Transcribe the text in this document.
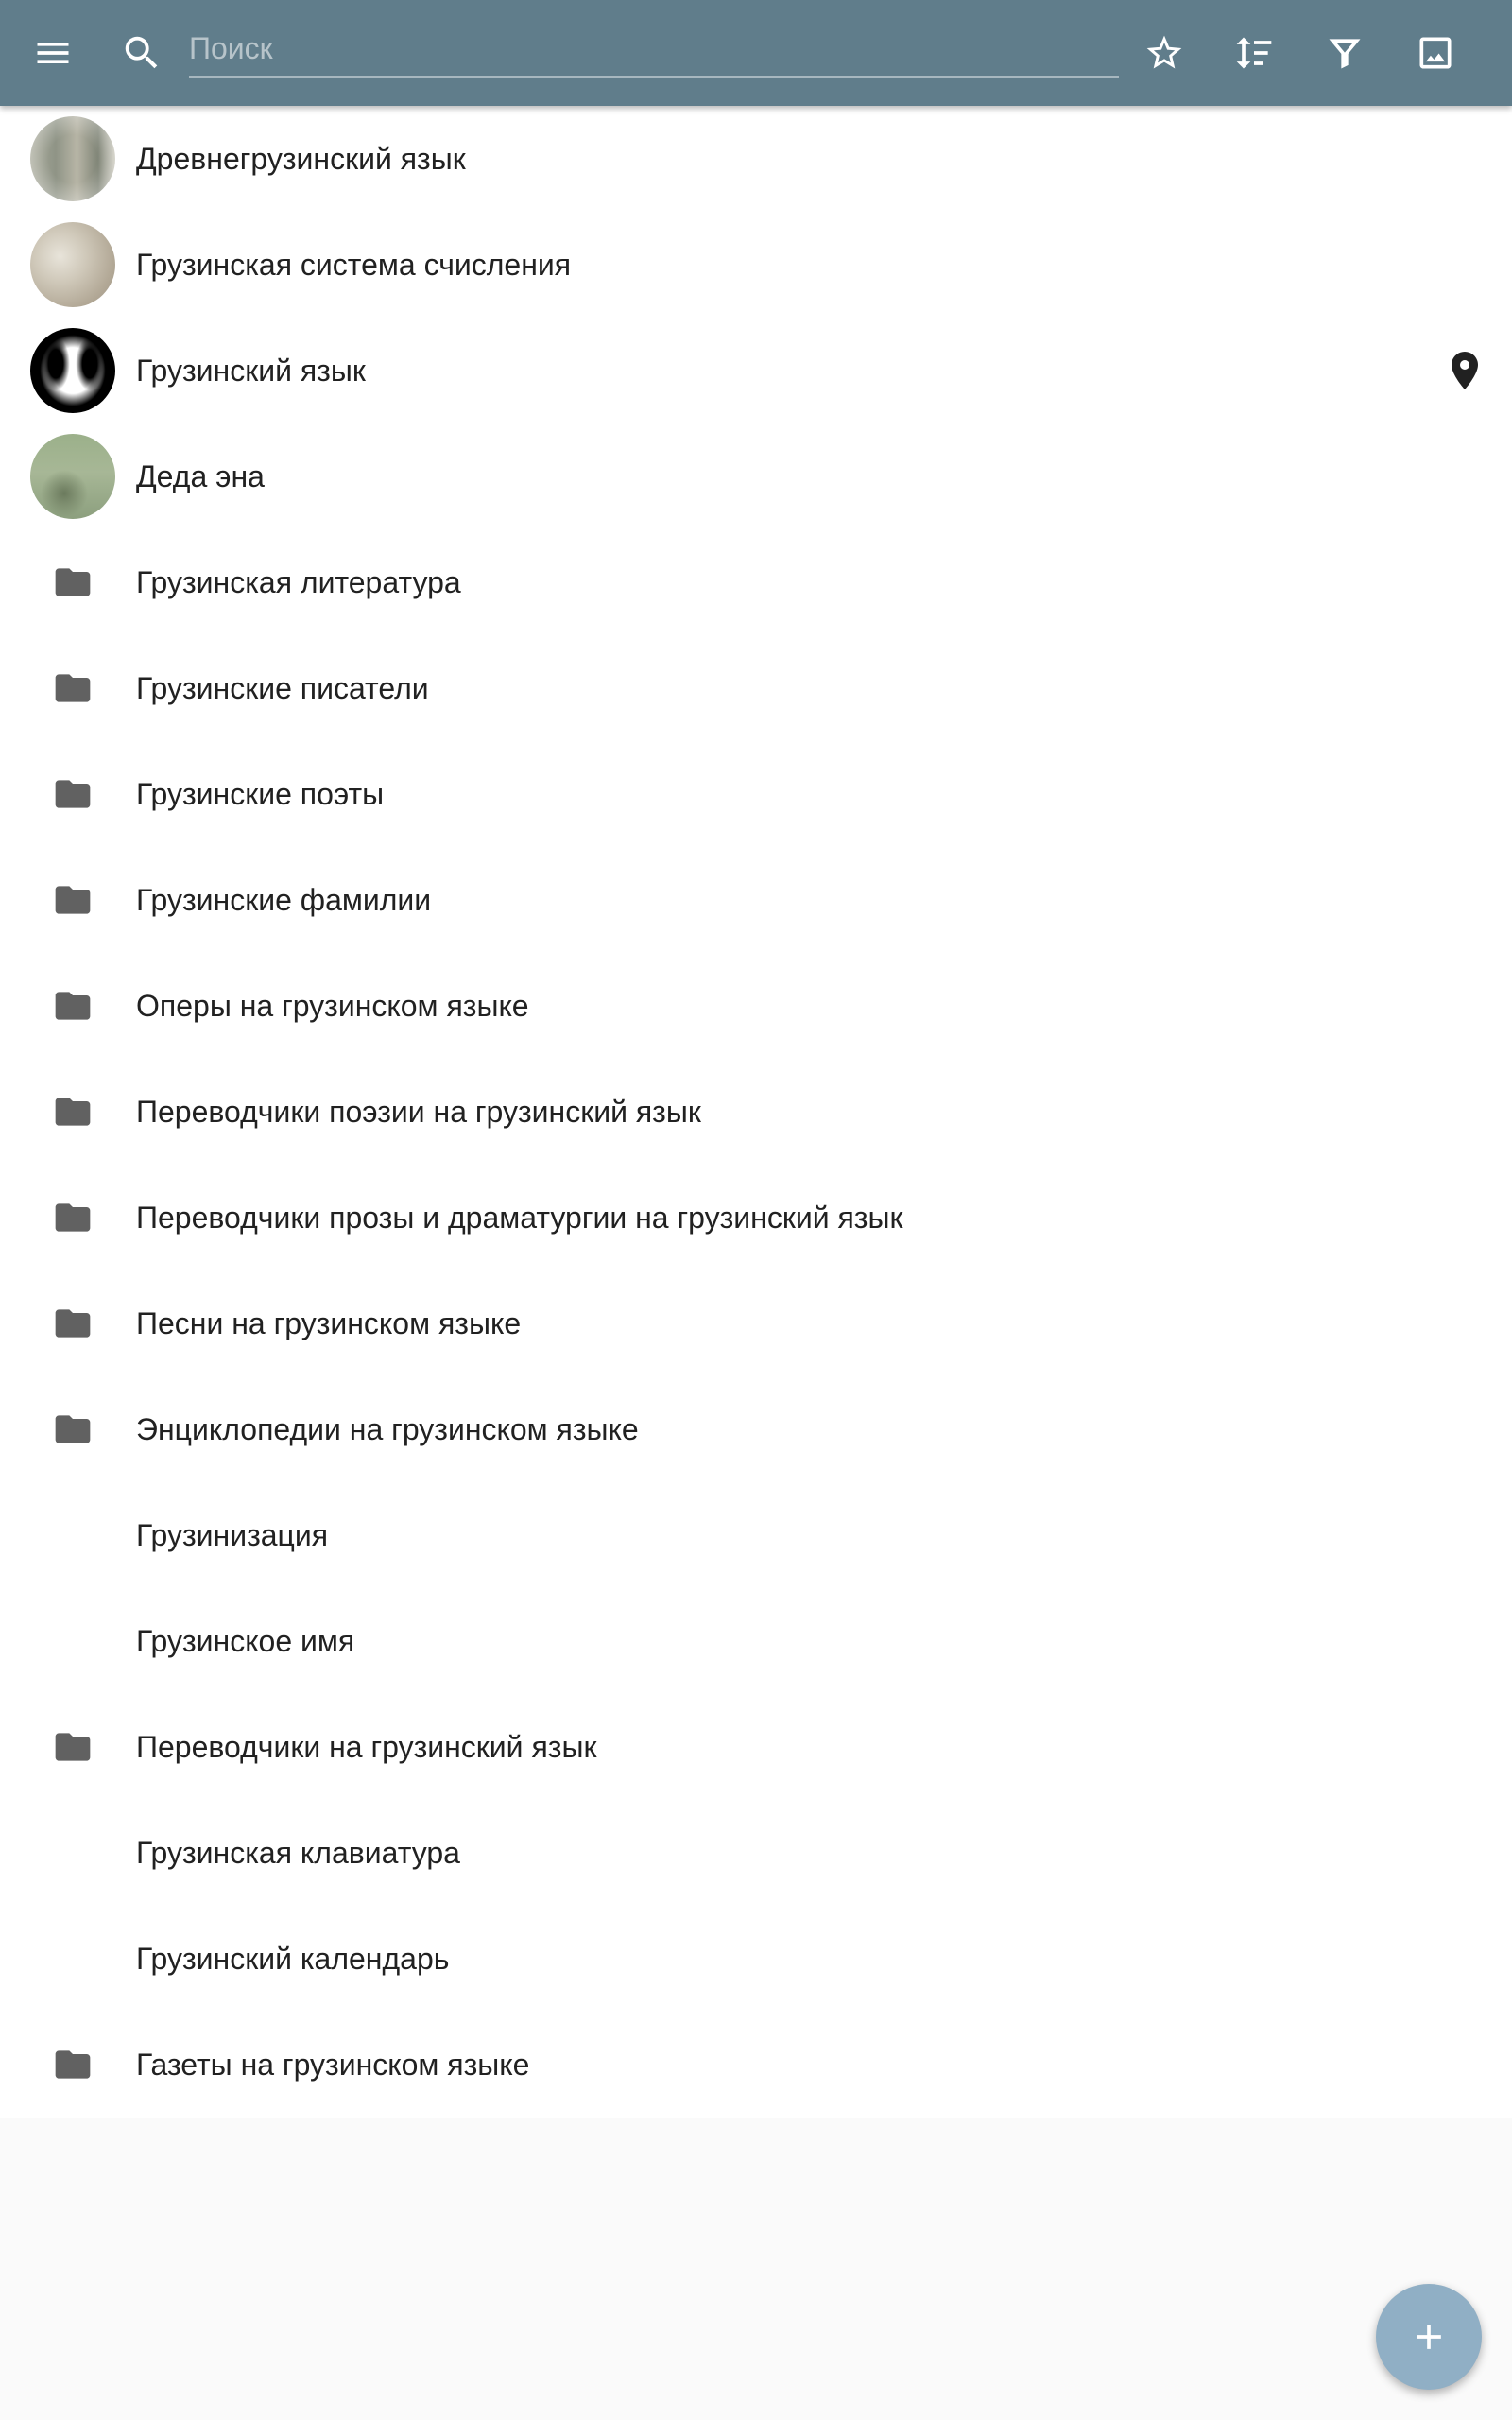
Поиск
Древнегрузинский язык
Грузинская система счисления
Грузинский язык
Деда эна
Грузинская литература
Грузинские писатели
Грузинские поэты
Грузинские фамилии
Оперы на грузинском языке
Переводчики поэзии на грузинский язык
Переводчики прозы и драматургии на грузинский язык
Песни на грузинском языке
Энциклопедии на грузинском языке
Грузинизация
Грузинское имя
Переводчики на грузинский язык
Грузинская клавиатура
Грузинский календарь
Газеты на грузинском языке
